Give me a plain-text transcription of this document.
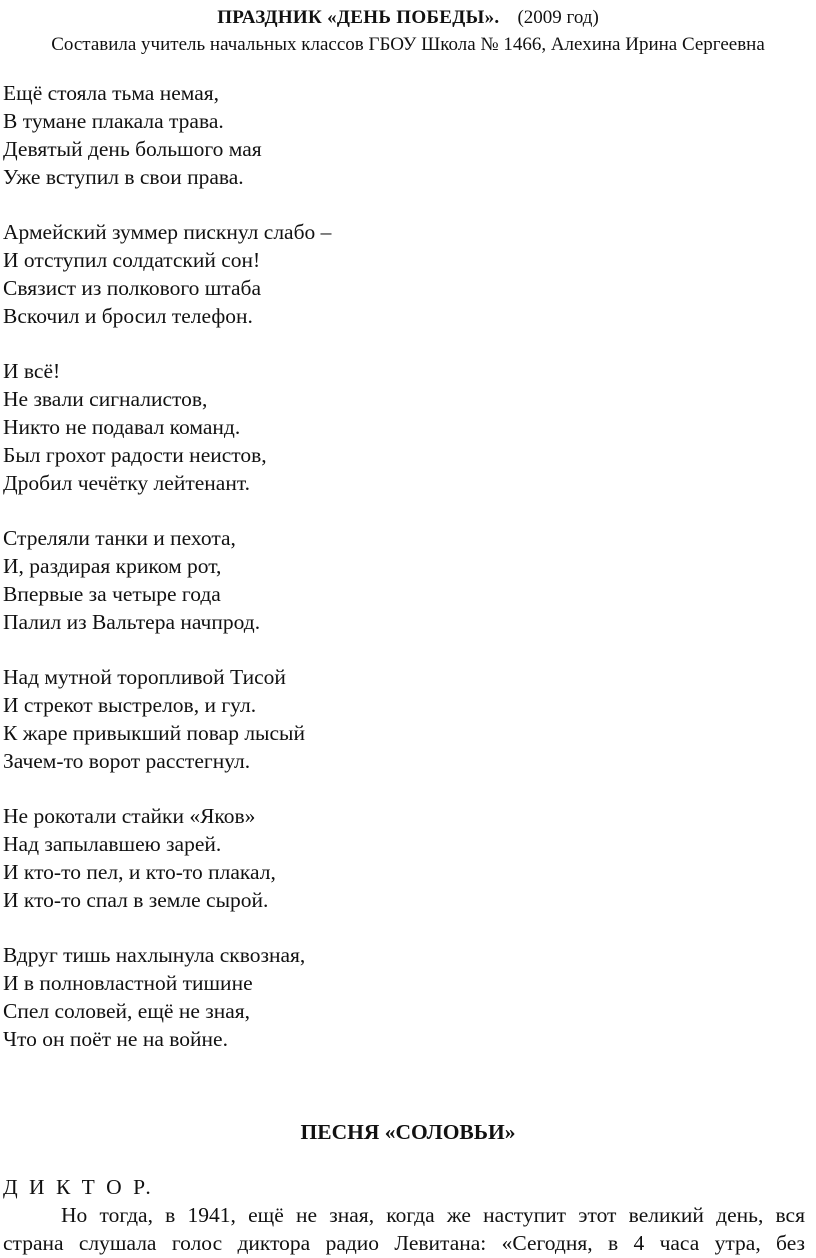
ПРАЗДНИК «ДЕНЬ ПОБЕДЫ». (2009 год)
Составила учитель начальных классов ГБОУ Школа № 1466, Алехина Ирина Сергеевна
Ещё стояла тьма немая,
В тумане плакала трава.
Девятый день большого мая
Уже вступил в свои права.
Армейский зуммер пискнул слабо –
И отступил солдатский сон!
Связист из полкового штаба
Вскочил и бросил телефон.
И всё!
Не звали сигналистов,
Никто не подавал команд.
Был грохот радости неистов,
Дробил чечётку лейтенант.
Стреляли танки и пехота,
И, раздирая криком рот,
Впервые за четыре года
Палил из Вальтера начпрод.
Над мутной торопливой Тисой
И стрекот выстрелов, и гул.
К жаре привыкший повар лысый
Зачем-то ворот расстегнул.
Не рокотали стайки «Яков»
Над запылавшею зарей.
И кто-то пел, и кто-то плакал,
И кто-то спал в земле сырой.
Вдруг тишь нахлынула сквозная,
И в полновластной тишине
Спел соловей, ещё не зная,
Что он поёт не на войне.
ПЕСНЯ «СОЛОВЬИ»
Д И К Т О Р.
Но тогда, в 1941, ещё не зная, когда же наступит этот великий день, вся
страна слушала голос диктора радио Левитана: «Сегодня, в 4 часа утра, без
